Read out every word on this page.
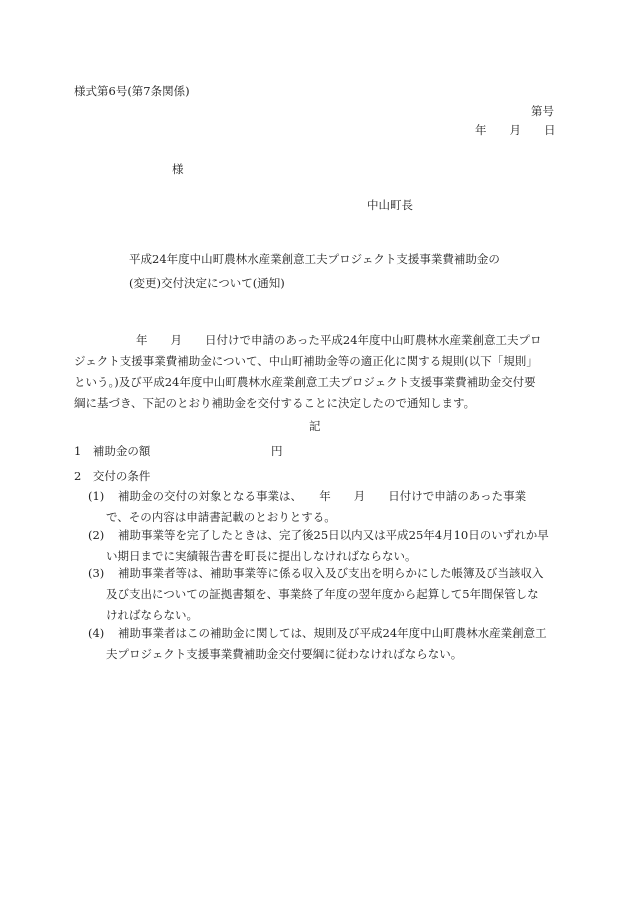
様式第6号(第7条関係)
第号
年　　月　　日
様
中山町長
平成24年度中山町農林水産業創意工夫プロジェクト支援事業費補助金の
(変更)交付決定について(通知)
年　　月　　日付けで申請のあった平成24年度中山町農林水産業創意工夫プロ
ジェクト支援事業費補助金について、中山町補助金等の適正化に関する規則(以下「規則」
という。)及び平成24年度中山町農林水産業創意工夫プロジェクト支援事業費補助金交付要
綱に基づき、下記のとおり補助金を交付することに決定したので通知します。
記
1　補助金の額	円
2　交付の条件
(1) 補助金の交付の対象となる事業は、　　年　　月　　日付けで申請のあった事業
で、その内容は申請書記載のとおりとする。
(2) 補助事業等を完了したときは、完了後25日以内又は平成25年4月10日のいずれか早
い期日までに実績報告書を町長に提出しなければならない。
(3) 補助事業者等は、補助事業等に係る収入及び支出を明らかにした帳簿及び当該収入
及び支出についての証拠書類を、事業終了年度の翌年度から起算して5年間保管しな
ければならない。
(4) 補助事業者はこの補助金に関しては、規則及び平成24年度中山町農林水産業創意工
夫プロジェクト支援事業費補助金交付要綱に従わなければならない。
